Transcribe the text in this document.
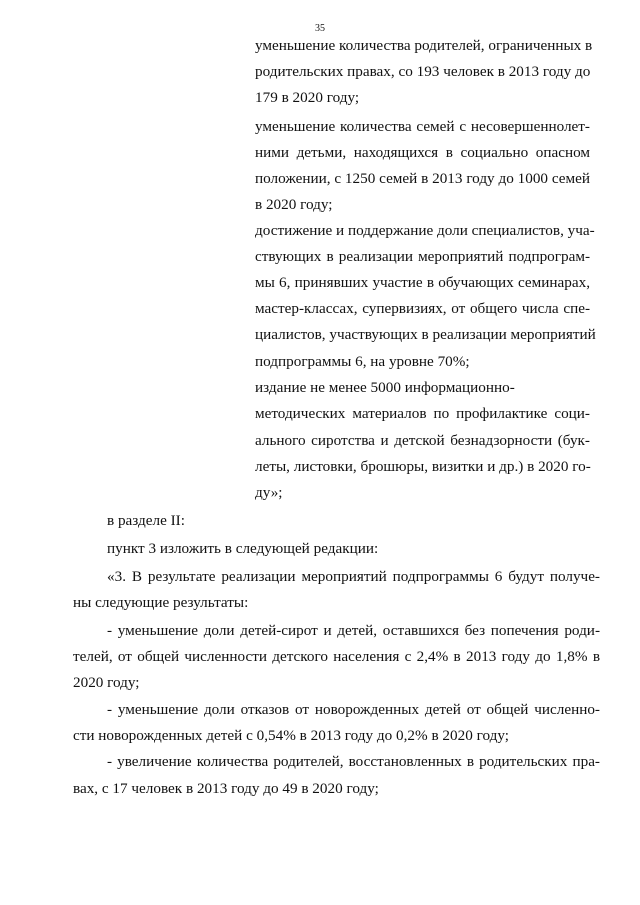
35
уменьшение количества родителей, ограниченных в
родительских правах, со 193 человек в 2013 году до
179 в 2020 году;
уменьшение количества семей с несовершеннолет-
ними детьми, находящихся в социально опасном
положении, с 1250 семей в 2013 году до 1000 семей
в 2020 году;
достижение и поддержание доли специалистов, уча-
ствующих в реализации мероприятий подпрограм-
мы 6, принявших участие в обучающих семинарах,
мастер-классах, супервизиях, от общего числа спе-
циалистов, участвующих в реализации мероприятий
подпрограммы 6, на уровне 70%;
издание не менее 5000 информационно-
методических материалов по профилактике соци-
ального сиротства и детской безнадзорности (бук-
леты, листовки, брошюры, визитки и др.) в 2020 го-
ду»;
в разделе II:
пункт 3 изложить в следующей редакции:
«3. В результате реализации мероприятий подпрограммы 6 будут получе-
ны следующие результаты:
- уменьшение доли детей-сирот и детей, оставшихся без попечения роди-
телей, от общей численности детского населения с 2,4% в 2013 году до 1,8% в
2020 году;
- уменьшение доли отказов от новорожденных детей от общей численно-
сти новорожденных детей с 0,54% в 2013 году до 0,2% в 2020 году;
- увеличение количества родителей, восстановленных в родительских пра-
вах, с 17 человек в 2013 году до 49 в 2020 году;
